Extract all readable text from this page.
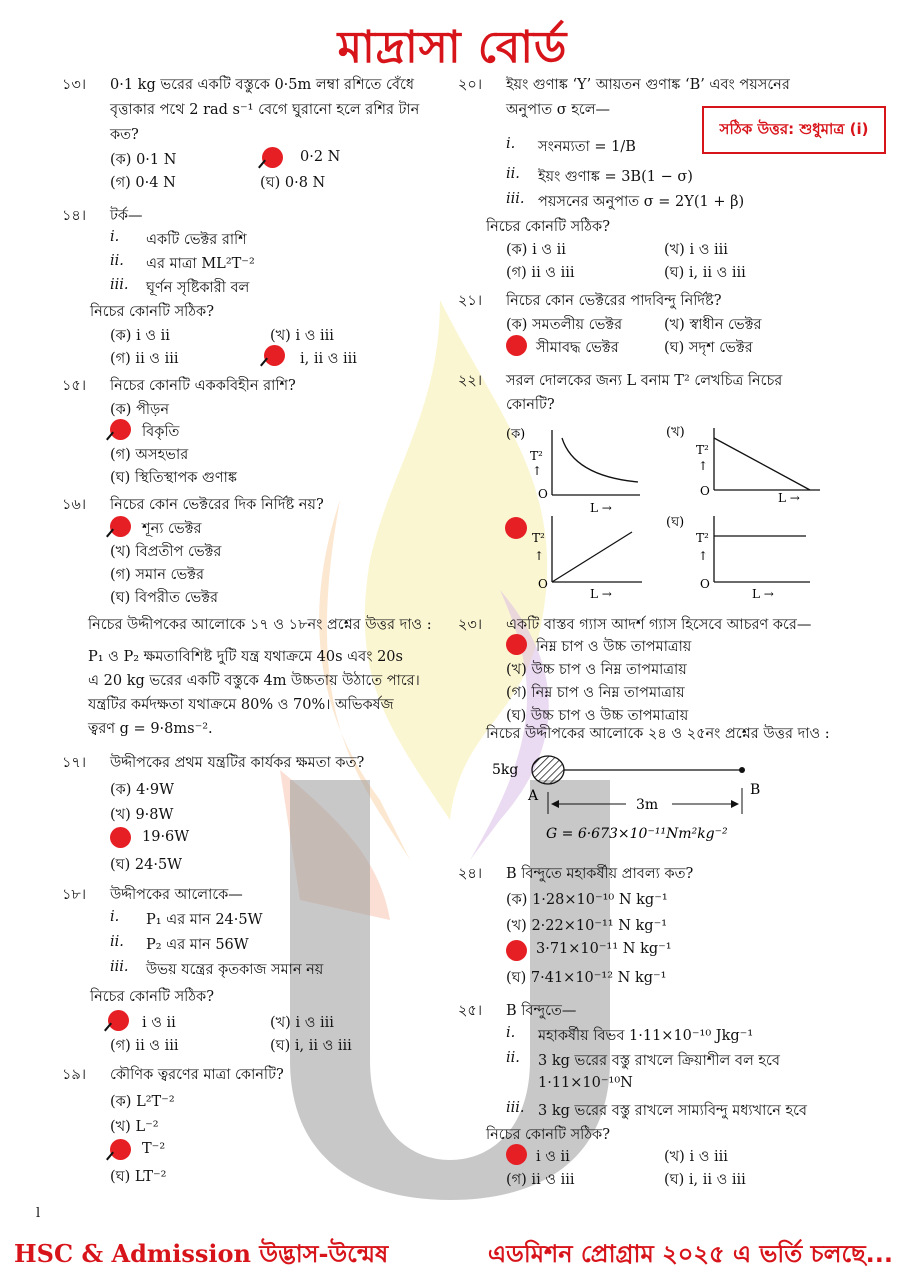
মাদ্রাসা বোর্ড
সঠিক উত্তর: শুধুমাত্র (i)
১৩। 0·1 kg ভরের একটি বস্তুকে 0·5m লম্বা রশিতে বেঁধে
বৃত্তাকার পথে 2 rad s⁻¹ বেগে ঘুরানো হলে রশির টান
কত?
(ক) 0·1 N	0·2 N
(গ) 0·4 N	(ঘ) 0·8 N
১৪। টর্ক—
i. একটি ভেক্টর রাশি
ii. এর মাত্রা ML²T⁻²
iii. ঘূর্ণন সৃষ্টিকারী বল
নিচের কোনটি সঠিক?
(ক) i ও ii	(খ) i ও iii
(গ) ii ও iii	i, ii ও iii
১৫। নিচের কোনটি এককবিহীন রাশি?
(ক) পীড়ন
বিকৃতি
(গ) অসহভার
(ঘ) স্থিতিস্থাপক গুণাঙ্ক
১৬। নিচের কোন ভেক্টরের দিক নির্দিষ্ট নয়?
শূন্য ভেক্টর
(খ) বিপ্রতীপ ভেক্টর
(গ) সমান ভেক্টর
(ঘ) বিপরীত ভেক্টর
নিচের উদ্দীপকের আলোকে ১৭ ও ১৮নং প্রশ্নের উত্তর দাও :
P₁ ও P₂ ক্ষমতাবিশিষ্ট দুটি যন্ত্র যথাক্রমে 40s এবং 20s
এ 20 kg ভরের একটি বস্তুকে 4m উচ্চতায় উঠাতে পারে।
যন্ত্রটির কর্মদক্ষতা যথাক্রমে 80% ও 70%। অভিকর্ষজ
ত্বরণ g = 9·8ms⁻².
১৭। উদ্দীপকের প্রথম যন্ত্রটির কার্যকর ক্ষমতা কত?
(ক) 4·9W
(খ) 9·8W
19·6W
(ঘ) 24·5W
১৮। উদ্দীপকের আলোকে—
i. P₁ এর মান 24·5W
ii. P₂ এর মান 56W
iii. উভয় যন্ত্রের কৃতকাজ সমান নয়
নিচের কোনটি সঠিক?
i ও ii	(খ) i ও iii
(গ) ii ও iii	(ঘ) i, ii ও iii
১৯। কৌণিক ত্বরণের মাত্রা কোনটি?
(ক) L²T⁻²
(খ) L⁻²
T⁻²
(ঘ) LT⁻²
l
২০। ইয়ং গুণাঙ্ক ‘Y’ আয়তন গুণাঙ্ক ‘B’ এবং পয়সনের
অনুপাত σ হলে—
i. সংনম্যতা = 1/B
ii. ইয়ং গুণাঙ্ক = 3B(1 − σ)
iii. পয়সনের অনুপাত σ = 2Y(1 + β)
নিচের কোনটি সঠিক?
(ক) i ও ii	(খ) i ও iii
(গ) ii ও iii	(ঘ) i, ii ও iii
২১। নিচের কোন ভেক্টরের পাদবিন্দু নির্দিষ্ট?
(ক) সমতলীয় ভেক্টর	(খ) স্বাধীন ভেক্টর
সীমাবদ্ধ ভেক্টর	(ঘ) সদৃশ ভেক্টর
২২। সরল দোলকের জন্য L বনাম T² লেখচিত্র নিচের
কোনটি?
(ক)
T²
↑
O
L →
(খ)
T²
↑
O	L →
T²
↑
O
L →
(ঘ)
T²
↑
O
L →
২৩। একটি বাস্তব গ্যাস আদর্শ গ্যাস হিসেবে আচরণ করে—
নিম্ন চাপ ও উচ্চ তাপমাত্রায়
(খ) উচ্চ চাপ ও নিম্ন তাপমাত্রায়
(গ) নিম্ন চাপ ও নিম্ন তাপমাত্রায়
(ঘ) উচ্চ চাপ ও উচ্চ তাপমাত্রায়
নিচের উদ্দীপকের আলোকে ২৪ ও ২৫নং প্রশ্নের উত্তর দাও :
5kg
A	B
3m
G = 6·673×10⁻¹¹Nm²kg⁻²
২৪। B বিন্দুতে মহাকর্ষীয় প্রাবল্য কত?
(ক) 1·28×10⁻¹⁰ N kg⁻¹
(খ) 2·22×10⁻¹¹ N kg⁻¹
3·71×10⁻¹¹ N kg⁻¹
(ঘ) 7·41×10⁻¹² N kg⁻¹
২৫। B বিন্দুতে—
i. মহাকর্ষীয় বিভব 1·11×10⁻¹⁰ Jkg⁻¹
ii. 3 kg ভরের বস্তু রাখলে ক্রিয়াশীল বল হবে
1·11×10⁻¹⁰N
iii. 3 kg ভরের বস্তু রাখলে সাম্যবিন্দু মধ্যখানে হবে
নিচের কোনটি সঠিক?
i ও ii	(খ) i ও iii
(গ) ii ও iii	(ঘ) i, ii ও iii
HSC & Admission উদ্ভাস-উন্মেষ	এডমিশন প্রোগ্রাম ২০২৫ এ ভর্তি চলছে...
